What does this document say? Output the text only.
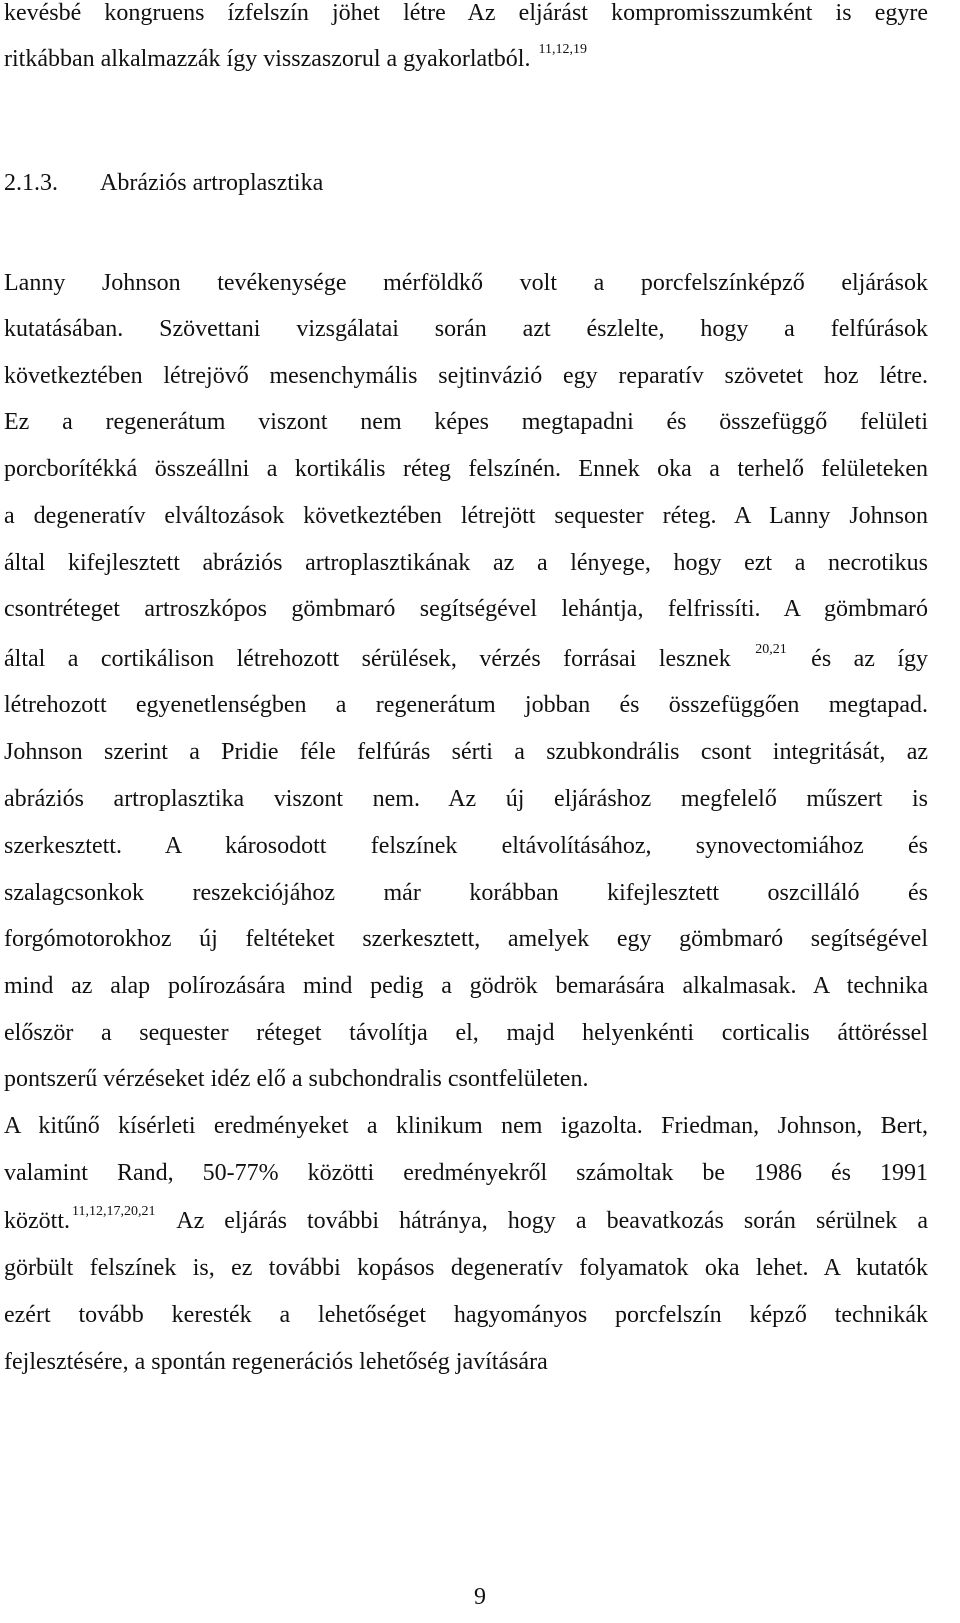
kevésbé kongruens ízfelszín jöhet létre Az eljárást kompromisszumként is egyre
ritkábban alkalmazzák így visszaszorul a gyakorlatból. $^{11,12,19}$
2.1.3. Abráziós artroplasztika
Lanny Johnson tevékenysége mérföldkő volt a porcfelszínképző eljárások
kutatásában. Szövettani vizsgálatai során azt észlelte, hogy a felfúrások
következtében létrejövő mesenchymális sejtinvázió egy reparatív szövetet hoz létre.
Ez a regenerátum viszont nem képes megtapadni és összefüggő felületi
porcborítékká összeállni a kortikális réteg felszínén. Ennek oka a terhelő felületeken
a degeneratív elváltozások következtében létrejött sequester réteg. A Lanny Johnson
által kifejlesztett abráziós artroplasztikának az a lényege, hogy ezt a necrotikus
csontréteget artroszkópos gömbmaró segítségével lehántja, felfrissíti. A gömbmaró
által a cortikálison létrehozott sérülések, vérzés forrásai lesznek $^{20,21}$ és az így
létrehozott egyenetlenségben a regenerátum jobban és összefüggően megtapad.
Johnson szerint a Pridie féle felfúrás sérti a szubkondrális csont integritását, az
abráziós artroplasztika viszont nem. Az új eljáráshoz megfelelő műszert is
szerkesztett. A károsodott felszínek eltávolításához, synovectomiához és
szalagcsonkok reszekciójához már korábban kifejlesztett oszcilláló és
forgómotorokhoz új feltéteket szerkesztett, amelyek egy gömbmaró segítségével
mind az alap polírozására mind pedig a gödrök bemarására alkalmasak. A technika
először a sequester réteget távolítja el, majd helyenkénti corticalis áttöréssel
pontszerű vérzéseket idéz elő a subchondralis csontfelületen.
A kitűnő kísérleti eredményeket a klinikum nem igazolta. Friedman, Johnson, Bert,
valamint Rand, 50-77% közötti eredményekről számoltak be 1986 és 1991
között. $^{11,12,17,20,21}$ Az eljárás további hátránya, hogy a beavatkozás során sérülnek a
görbült felszínek is, ez további kopásos degeneratív folyamatok oka lehet. A kutatók
ezért tovább keresték a lehetőséget hagyományos porcfelszín képző technikák
fejlesztésére, a spontán regenerációs lehetőség javítására
9
